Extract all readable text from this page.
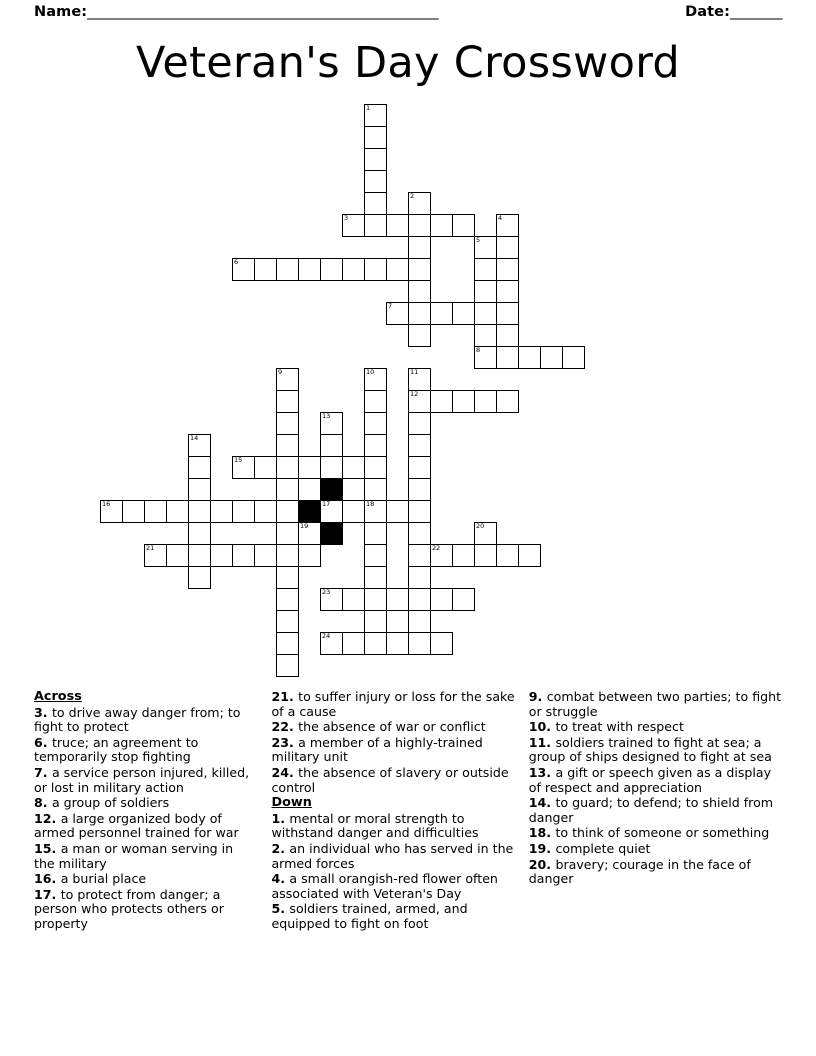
Name: ______________________________________________________	Date: ________
Veteran's Day Crossword
1
2
3	4
5
6
7
8
9	10	11
12
13
14
15
16	17	18
19	20
21	22
23
24
Across
3. to drive away danger from; to fight to protect
6. truce; an agreement to temporarily stop fighting
7. a service person injured, killed, or lost in military action
8. a group of soldiers
12. a large organized body of armed personnel trained for war
15. a man or woman serving in the military
16. a burial place
17. to protect from danger; a person who protects others or property
21. to suffer injury or loss for the sake of a cause
22. the absence of war or conflict
23. a member of a highly-trained military unit
24. the absence of slavery or outside control
Down
1. mental or moral strength to withstand danger and difficulties
2. an individual who has served in the armed forces
4. a small orangish-red flower often associated with Veteran's Day
5. soldiers trained, armed, and equipped to fight on foot
9. combat between two parties; to fight or struggle
10. to treat with respect
11. soldiers trained to fight at sea; a group of ships designed to fight at sea
13. a gift or speech given as a display of respect and appreciation
14. to guard; to defend; to shield from danger
18. to think of someone or something
19. complete quiet
20. bravery; courage in the face of danger
